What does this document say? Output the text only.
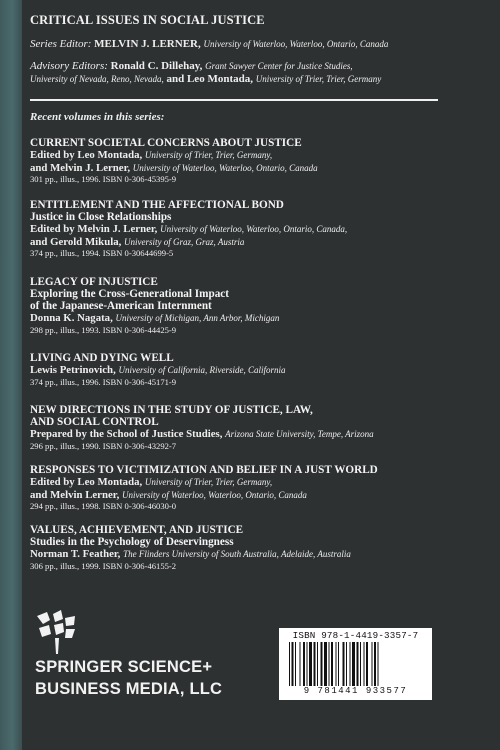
CRITICAL ISSUES IN SOCIAL JUSTICE
Series Editor: MELVIN J. LERNER, University of Waterloo, Waterloo, Ontario, Canada
Advisory Editors: Ronald C. Dillehay, Grant Sawyer Center for Justice Studies,
University of Nevada, Reno, Nevada, and Leo Montada, University of Trier, Trier, Germany
Recent volumes in this series:
CURRENT SOCIETAL CONCERNS ABOUT JUSTICE
Edited by Leo Montada, University of Trier, Trier, Germany,
and Melvin J. Lerner, University of Waterloo, Waterloo, Ontario, Canada
301 pp., illus., 1996. ISBN 0-306-45395-9
ENTITLEMENT AND THE AFFECTIONAL BOND
Justice in Close Relationships
Edited by Melvin J. Lerner, University of Waterloo, Waterloo, Ontario, Canada,
and Gerold Mikula, University of Graz, Graz, Austria
374 pp., illus., 1994. ISBN 0-30644699-5
LEGACY OF INJUSTICE
Exploring the Cross-Generational Impact
of the Japanese-American Internment
Donna K. Nagata, University of Michigan, Ann Arbor, Michigan
298 pp., illus., 1993. ISBN 0-306-44425-9
LIVING AND DYING WELL
Lewis Petrinovich, University of California, Riverside, California
374 pp., illus., 1996. ISBN 0-306-45171-9
NEW DIRECTIONS IN THE STUDY OF JUSTICE, LAW,
AND SOCIAL CONTROL
Prepared by the School of Justice Studies, Arizona State University, Tempe, Arizona
296 pp., illus., 1990. ISBN 0-306-43292-7
RESPONSES TO VICTIMIZATION AND BELIEF IN A JUST WORLD
Edited by Leo Montada, University of Trier, Trier, Germany,
and Melvin Lerner, University of Waterloo, Waterloo, Ontario, Canada
294 pp., illus., 1998. ISBN 0-306-46030-0
VALUES, ACHIEVEMENT, AND JUSTICE
Studies in the Psychology of Deservingness
Norman T. Feather, The Flinders University of South Australia, Adelaide, Australia
306 pp., illus., 1999. ISBN 0-306-46155-2
SPRINGER SCIENCE+
BUSINESS MEDIA, LLC
ISBN 978-1-4419-3357-7
9 781441 933577
